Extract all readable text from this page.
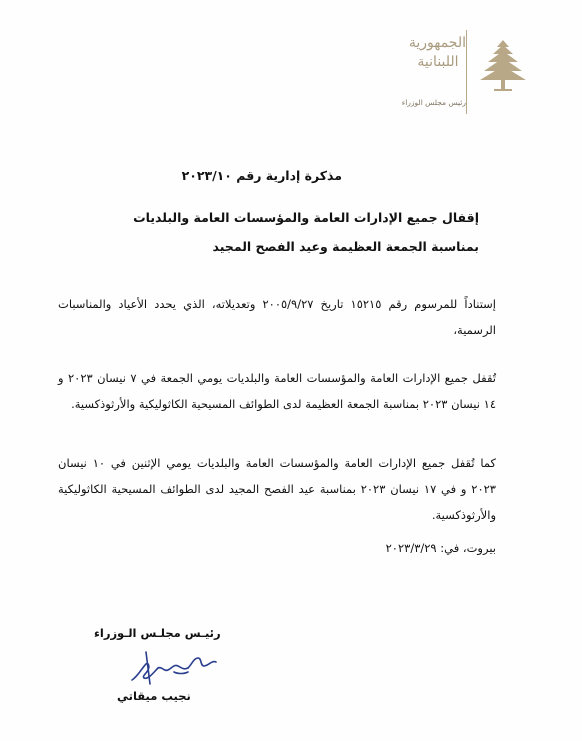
الجمهورية
اللبنانية
رئيس مجلس الوزراء
مذكرة إدارية رقم ٢٠٢٣/١٠
إقفال جميع الإدارات العامة والمؤسسات العامة والبلديات
بمناسبة الجمعة العظيمة وعيد الفصح المجيد

إستناداً للمرسوم رقم ١٥٢١٥ تاريخ ٢٠٠٥/٩/٢٧ وتعديلاته، الذي يحدد الأعياد والمناسبات الرسمية،

تُقفل جميع الإدارات العامة والمؤسسات العامة والبلديات يومي الجمعة في ٧ نيسان ٢٠٢٣ و ١٤ نيسان ٢٠٢٣ بمناسبة الجمعة العظيمة لدى الطوائف المسيحية الكاثوليكية والأرثوذكسية.

كما تُقفل جميع الإدارات العامة والمؤسسات العامة والبلديات يومي الإثنين في ١٠ نيسان ٢٠٢٣ و في ١٧ نيسان ٢٠٢٣ بمناسبة عيد الفصح المجيد لدى الطوائف المسيحية الكاثوليكية والأرثوذكسية.

بيروت، في: ٢٠٢٣/٣/٢٩
رئيـس مجلـس الـوزراء
نجيب ميقاتي
